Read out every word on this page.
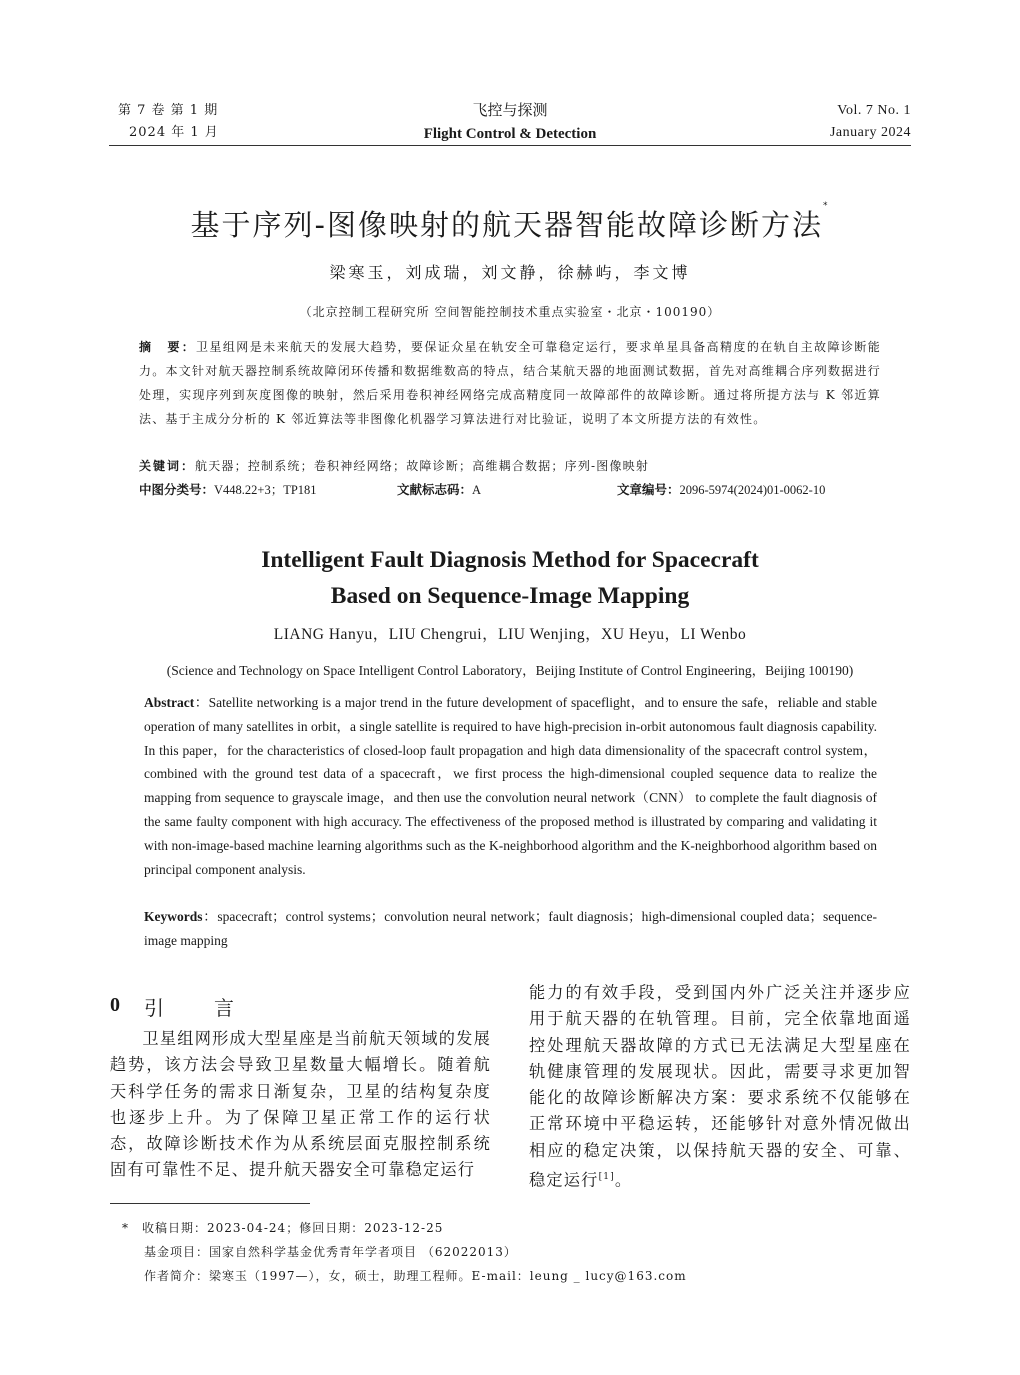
第 7 卷 第 1 期
2024 年 1 月
飞控与探测
Flight Control & Detection
Vol. 7 No. 1
January 2024
基于序列-图像映射的航天器智能故障诊断方法*
梁寒玉，刘成瑞，刘文静，徐赫屿，李文博
（北京控制工程研究所 空间智能控制技术重点实验室・北京・100190）
摘　要：卫星组网是未来航天的发展大趋势，要保证众星在轨安全可靠稳定运行，要求单星具备高精度的在轨自主故障诊断能力。本文针对航天器控制系统故障闭环传播和数据维数高的特点，结合某航天器的地面测试数据，首先对高维耦合序列数据进行处理，实现序列到灰度图像的映射，然后采用卷积神经网络完成高精度同一故障部件的故障诊断。通过将所提方法与 K 邻近算法、基于主成分分析的 K 邻近算法等非图像化机器学习算法进行对比验证，说明了本文所提方法的有效性。
关键词：航天器；控制系统；卷积神经网络；故障诊断；高维耦合数据；序列-图像映射
中图分类号：V448.22+3；TP181	文献标志码：A	文章编号：2096-5974(2024)01-0062-10
Intelligent Fault Diagnosis Method for Spacecraft
Based on Sequence-Image Mapping
LIANG Hanyu，LIU Chengrui，LIU Wenjing，XU Heyu，LI Wenbo
(Science and Technology on Space Intelligent Control Laboratory，Beijing Institute of Control Engineering，Beijing 100190)
Abstract：Satellite networking is a major trend in the future development of spaceflight，and to ensure the safe，reliable and stable operation of many satellites in orbit，a single satellite is required to have high-precision in-orbit autonomous fault diagnosis capability. In this paper，for the characteristics of closed-loop fault propagation and high data dimensionality of the spacecraft control system，combined with the ground test data of a spacecraft，we first process the high-dimensional coupled sequence data to realize the mapping from sequence to grayscale image，and then use the convolution neural network（CNN） to complete the fault diagnosis of the same faulty component with high accuracy. The effectiveness of the proposed method is illustrated by comparing and validating it with non-image-based machine learning algorithms such as the K-neighborhood algorithm and the K-neighborhood algorithm based on principal component analysis.
Keywords：spacecraft；control systems；convolution neural network；fault diagnosis；high-dimensional coupled data；sequence-image mapping
0 引	言
卫星组网形成大型星座是当前航天领域的发展趋势，该方法会导致卫星数量大幅增长。随着航天科学任务的需求日渐复杂，卫星的结构复杂度也逐步上升。为了保障卫星正常工作的运行状态，故障诊断技术作为从系统层面克服控制系统固有可靠性不足、提升航天器安全可靠稳定运行
能力的有效手段，受到国内外广泛关注并逐步应用于航天器的在轨管理。目前，完全依靠地面遥控处理航天器故障的方式已无法满足大型星座在轨健康管理的发展现状。因此，需要寻求更加智能化的故障诊断解决方案：要求系统不仅能够在正常环境中平稳运转，还能够针对意外情况做出相应的稳定决策，以保持航天器的安全、可靠、稳定运行[1]。
*　收稿日期：2023-04-24；修回日期：2023-12-25
基金项目：国家自然科学基金优秀青年学者项目 （62022013）
作者简介：梁寒玉（1997—），女，硕士，助理工程师。E-mail：leung _ lucy@163.com
